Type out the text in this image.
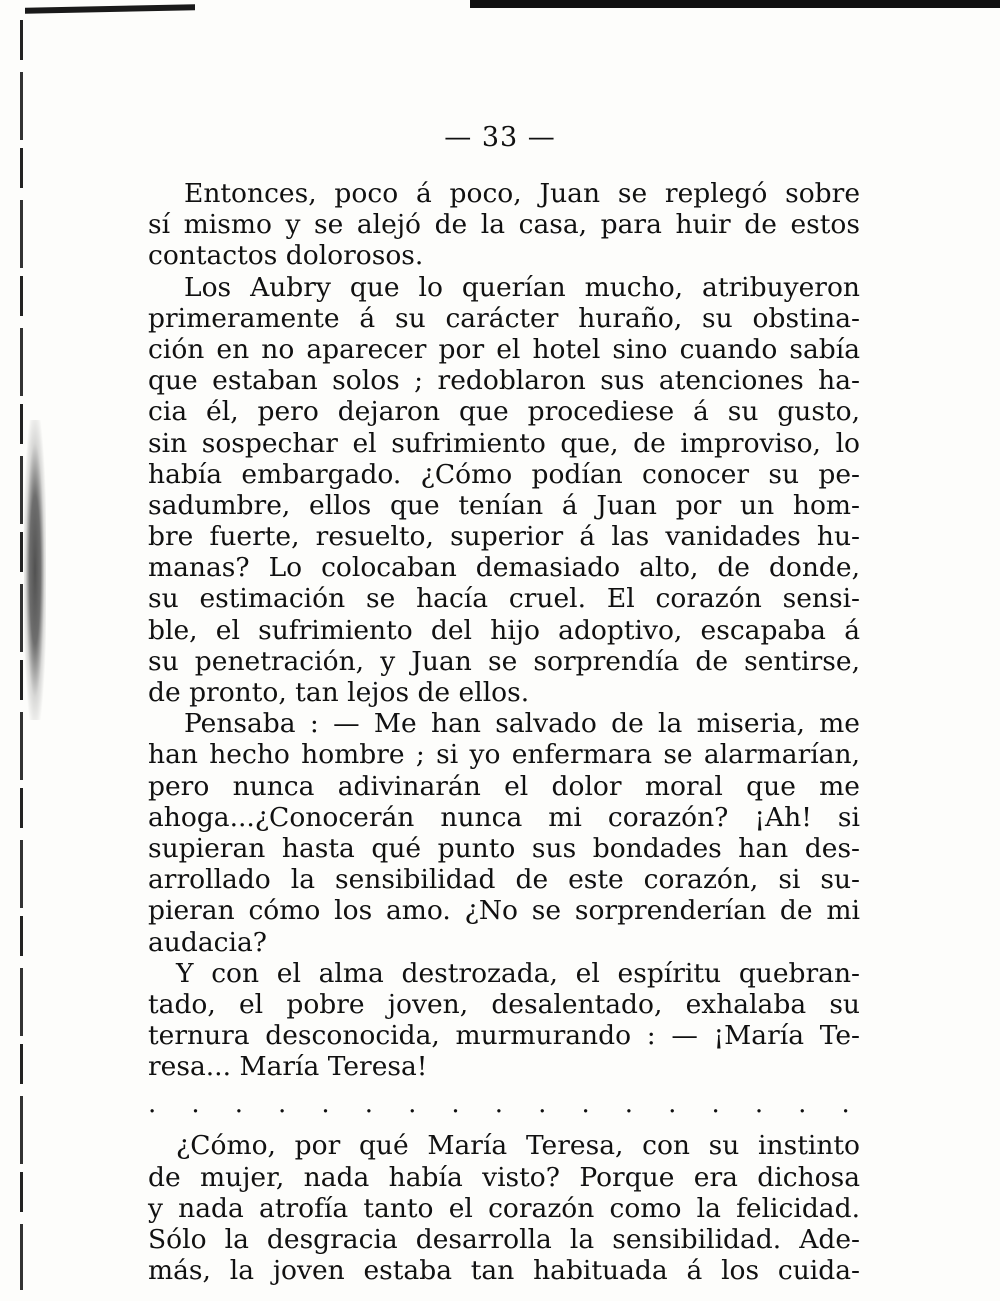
— 33 —
Entonces, poco á poco, Juan se replegó sobre
sí mismo y se alejó de la casa, para huir de estos
contactos dolorosos.
Los Aubry que lo querían mucho, atribuyeron
primeramente á su carácter huraño, su obstina-
ción en no aparecer por el hotel sino cuando sabía
que estaban solos ; redoblaron sus atenciones ha-
cia él, pero dejaron que procediese á su gusto,
sin sospechar el sufrimiento que, de improviso, lo
había embargado. ¿Cómo podían conocer su pe-
sadumbre, ellos que tenían á Juan por un hom-
bre fuerte, resuelto, superior á las vanidades hu-
manas? Lo colocaban demasiado alto, de donde,
su estimación se hacía cruel. El corazón sensi-
ble, el sufrimiento del hijo adoptivo, escapaba á
su penetración, y Juan se sorprendía de sentirse,
de pronto, tan lejos de ellos.
Pensaba : — Me han salvado de la miseria, me
han hecho hombre ; si yo enfermara se alarmarían,
pero nunca adivinarán el dolor moral que me
ahoga...¿Conocerán nunca mi corazón? ¡Ah! si
supieran hasta qué punto sus bondades han des-
arrollado la sensibilidad de este corazón, si su-
pieran cómo los amo. ¿No se sorprenderían de mi
audacia?
Y con el alma destrozada, el espíritu quebran-
tado, el pobre joven, desalentado, exhalaba su
ternura desconocida, murmurando : — ¡María Te-
resa... María Teresa!
. . . . . . . . . . . . . . . . .
¿Cómo, por qué María Teresa, con su instinto
de mujer, nada había visto? Porque era dichosa
y nada atrofía tanto el corazón como la felicidad.
Sólo la desgracia desarrolla la sensibilidad. Ade-
más, la joven estaba tan habituada á los cuida-
